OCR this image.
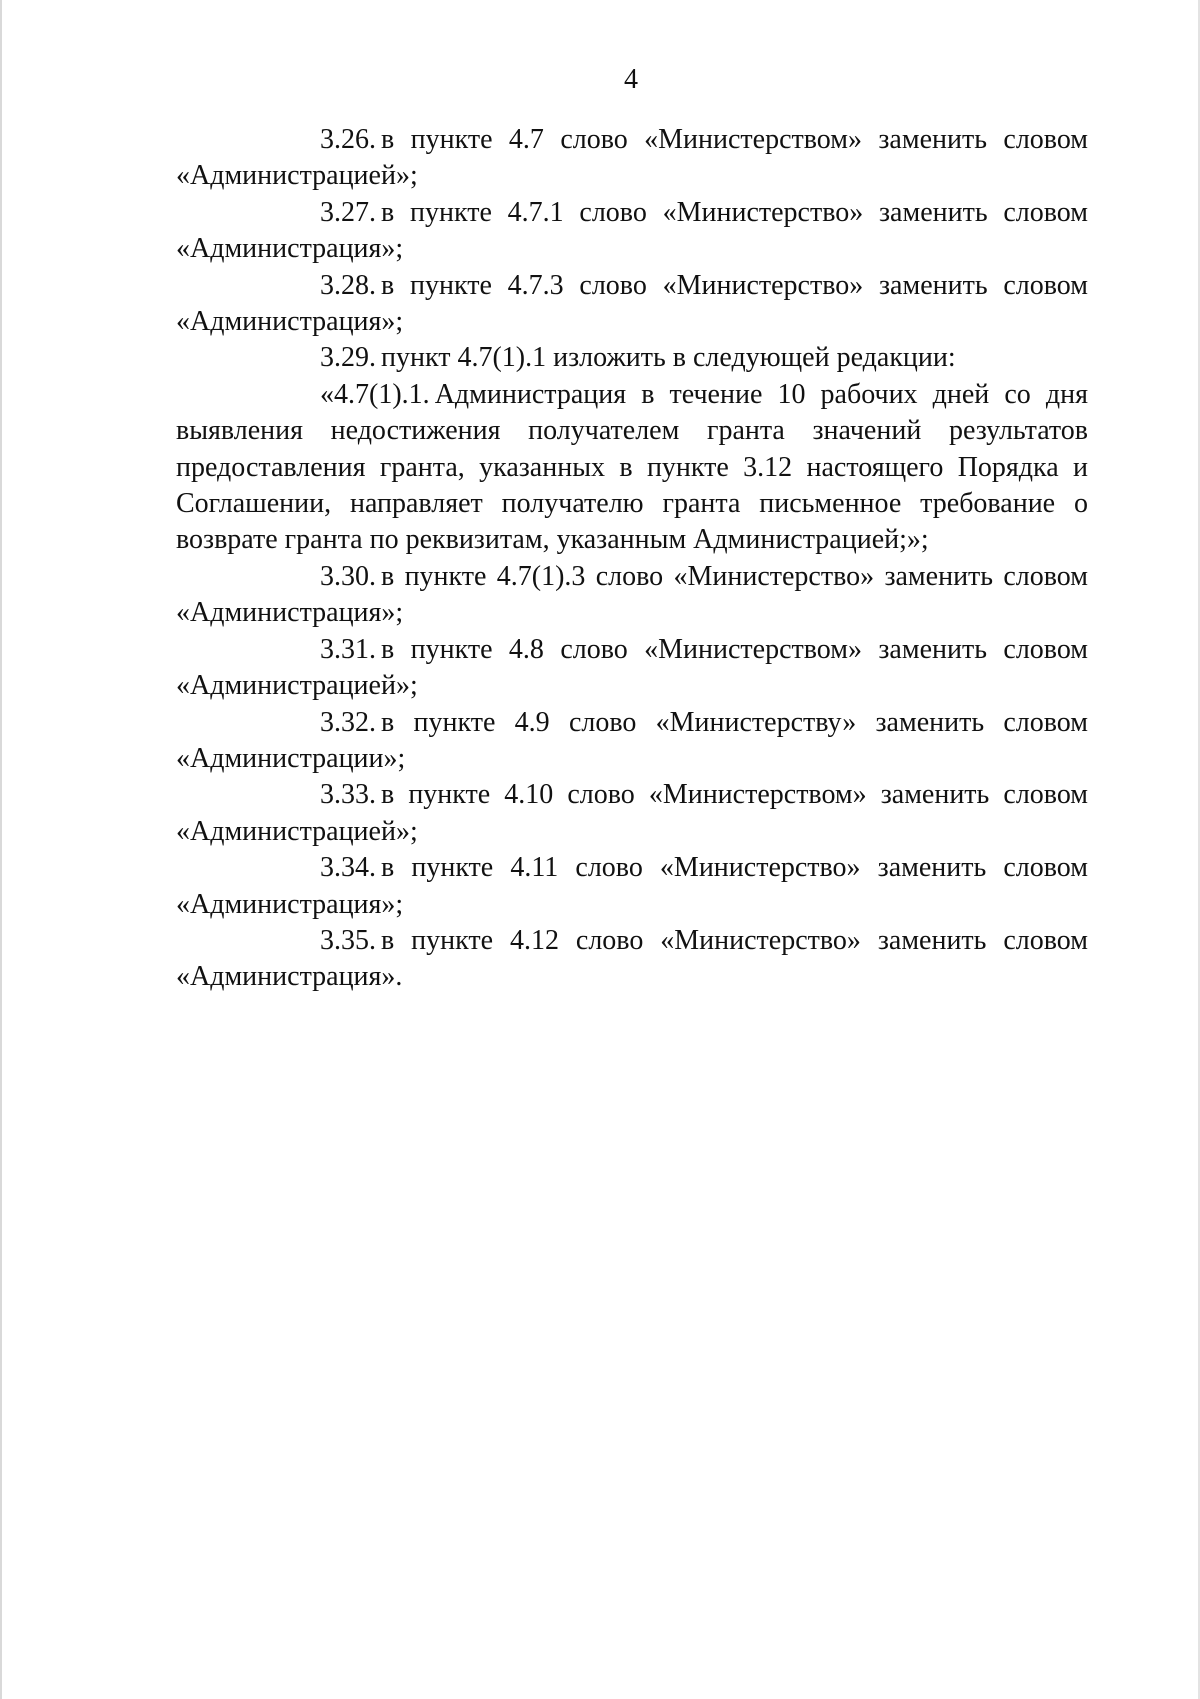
4

3.26. в пункте 4.7 слово «Министерством» заменить словом «Администрацией»;

3.27. в пункте 4.7.1 слово «Министерство» заменить словом «Администрация»;

3.28. в пункте 4.7.3 слово «Министерство» заменить словом «Администрация»;

3.29. пункт 4.7(1).1 изложить в следующей редакции:

«4.7(1).1. Администрация в течение 10 рабочих дней со дня выявления недостижения получателем гранта значений результатов предоставления гранта, указанных в пункте 3.12 настоящего Порядка и Соглашении, направляет получателю гранта письменное требование о возврате гранта по реквизитам, указанным Администрацией;»;

3.30. в пункте 4.7(1).3 слово «Министерство» заменить словом «Администрация»;

3.31. в пункте 4.8 слово «Министерством» заменить словом «Администрацией»;

3.32. в пункте 4.9 слово «Министерству» заменить словом «Администрации»;

3.33. в пункте 4.10 слово «Министерством» заменить словом «Администрацией»;

3.34. в пункте 4.11 слово «Министерство» заменить словом «Администрация»;

3.35. в пункте 4.12 слово «Министерство» заменить словом «Администрация».
